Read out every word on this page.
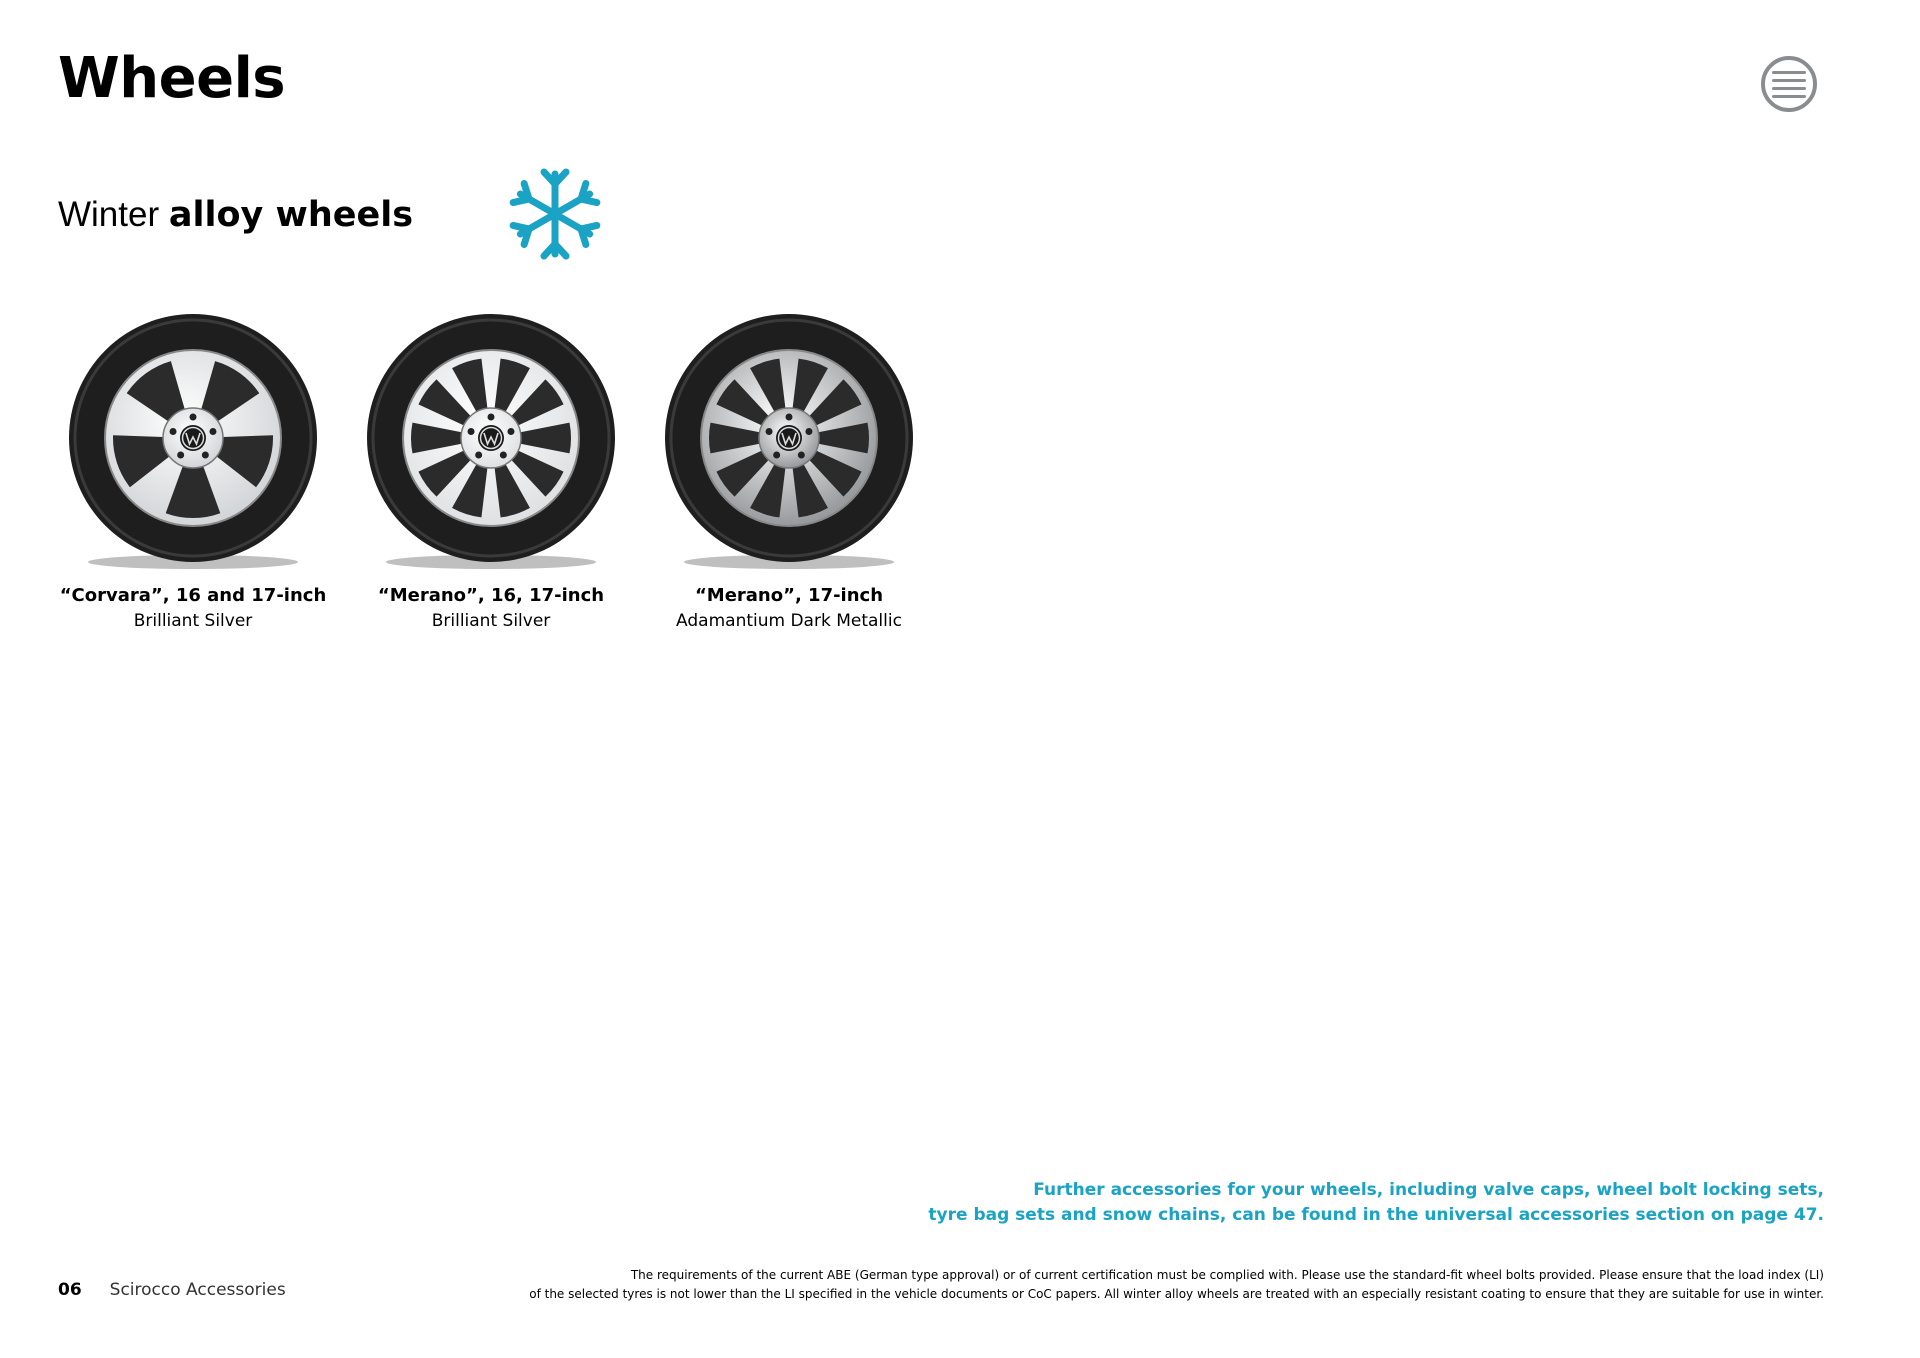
Wheels
Winter alloy wheels
“Corvara”, 16 and 17-inch
Brilliant Silver
“Merano”, 16, 17-inch
Brilliant Silver
“Merano”, 17-inch
Adamantium Dark Metallic
Further accessories for your wheels, including valve caps, wheel bolt locking sets,
tyre bag sets and snow chains, can be found in the universal accessories section on page 47.
06 Scirocco Accessories
The requirements of the current ABE (German type approval) or of current certification must be complied with. Please use the standard-fit wheel bolts provided. Please ensure that the load index (LI)
of the selected tyres is not lower than the LI specified in the vehicle documents or CoC papers. All winter alloy wheels are treated with an especially resistant coating to ensure that they are suitable for use in winter.
